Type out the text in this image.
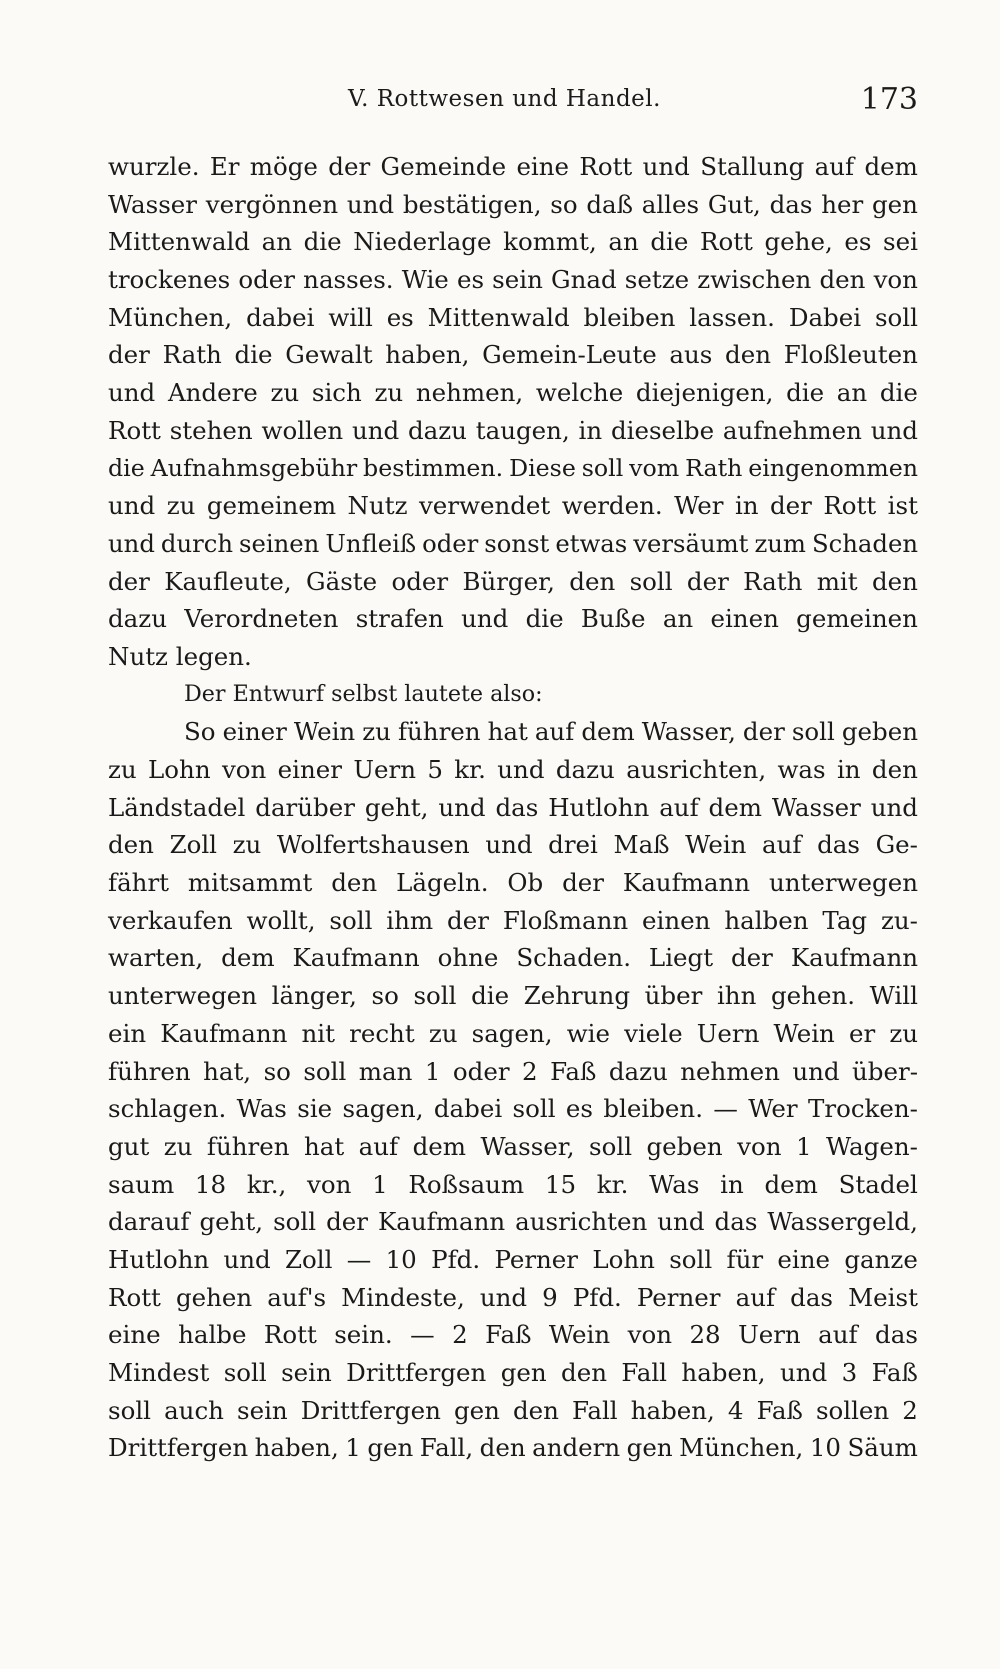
V. Rottwesen und Handel.	173
wurzle. Er möge der Gemeinde eine Rott und Stallung auf dem
Wasser vergönnen und bestätigen, so daß alles Gut, das her gen
Mittenwald an die Niederlage kommt, an die Rott gehe, es sei
trockenes oder nasses. Wie es sein Gnad setze zwischen den von
München, dabei will es Mittenwald bleiben lassen. Dabei soll
der Rath die Gewalt haben, Gemein-Leute aus den Floßleuten
und Andere zu sich zu nehmen, welche diejenigen, die an die
Rott stehen wollen und dazu taugen, in dieselbe aufnehmen und
die Aufnahmsgebühr bestimmen. Diese soll vom Rath eingenommen
und zu gemeinem Nutz verwendet werden. Wer in der Rott ist
und durch seinen Unfleiß oder sonst etwas versäumt zum Schaden
der Kaufleute, Gäste oder Bürger, den soll der Rath mit den
dazu Verordneten strafen und die Buße an einen gemeinen
Nutz legen.
Der Entwurf selbst lautete also:
So einer Wein zu führen hat auf dem Wasser, der soll geben
zu Lohn von einer Uern 5 kr. und dazu ausrichten, was in den
Ländstadel darüber geht, und das Hutlohn auf dem Wasser und
den Zoll zu Wolfertshausen und drei Maß Wein auf das Ge-
fährt mitsammt den Lägeln. Ob der Kaufmann unterwegen
verkaufen wollt, soll ihm der Floßmann einen halben Tag zu-
warten, dem Kaufmann ohne Schaden. Liegt der Kaufmann
unterwegen länger, so soll die Zehrung über ihn gehen. Will
ein Kaufmann nit recht zu sagen, wie viele Uern Wein er zu
führen hat, so soll man 1 oder 2 Faß dazu nehmen und über-
schlagen. Was sie sagen, dabei soll es bleiben. — Wer Trocken-
gut zu führen hat auf dem Wasser, soll geben von 1 Wagen-
saum 18 kr., von 1 Roßsaum 15 kr. Was in dem Stadel
darauf geht, soll der Kaufmann ausrichten und das Wassergeld,
Hutlohn und Zoll — 10 Pfd. Perner Lohn soll für eine ganze
Rott gehen auf's Mindeste, und 9 Pfd. Perner auf das Meist
eine halbe Rott sein. — 2 Faß Wein von 28 Uern auf das
Mindest soll sein Drittfergen gen den Fall haben, und 3 Faß
soll auch sein Drittfergen gen den Fall haben, 4 Faß sollen 2
Drittfergen haben, 1 gen Fall, den andern gen München, 10 Säum
